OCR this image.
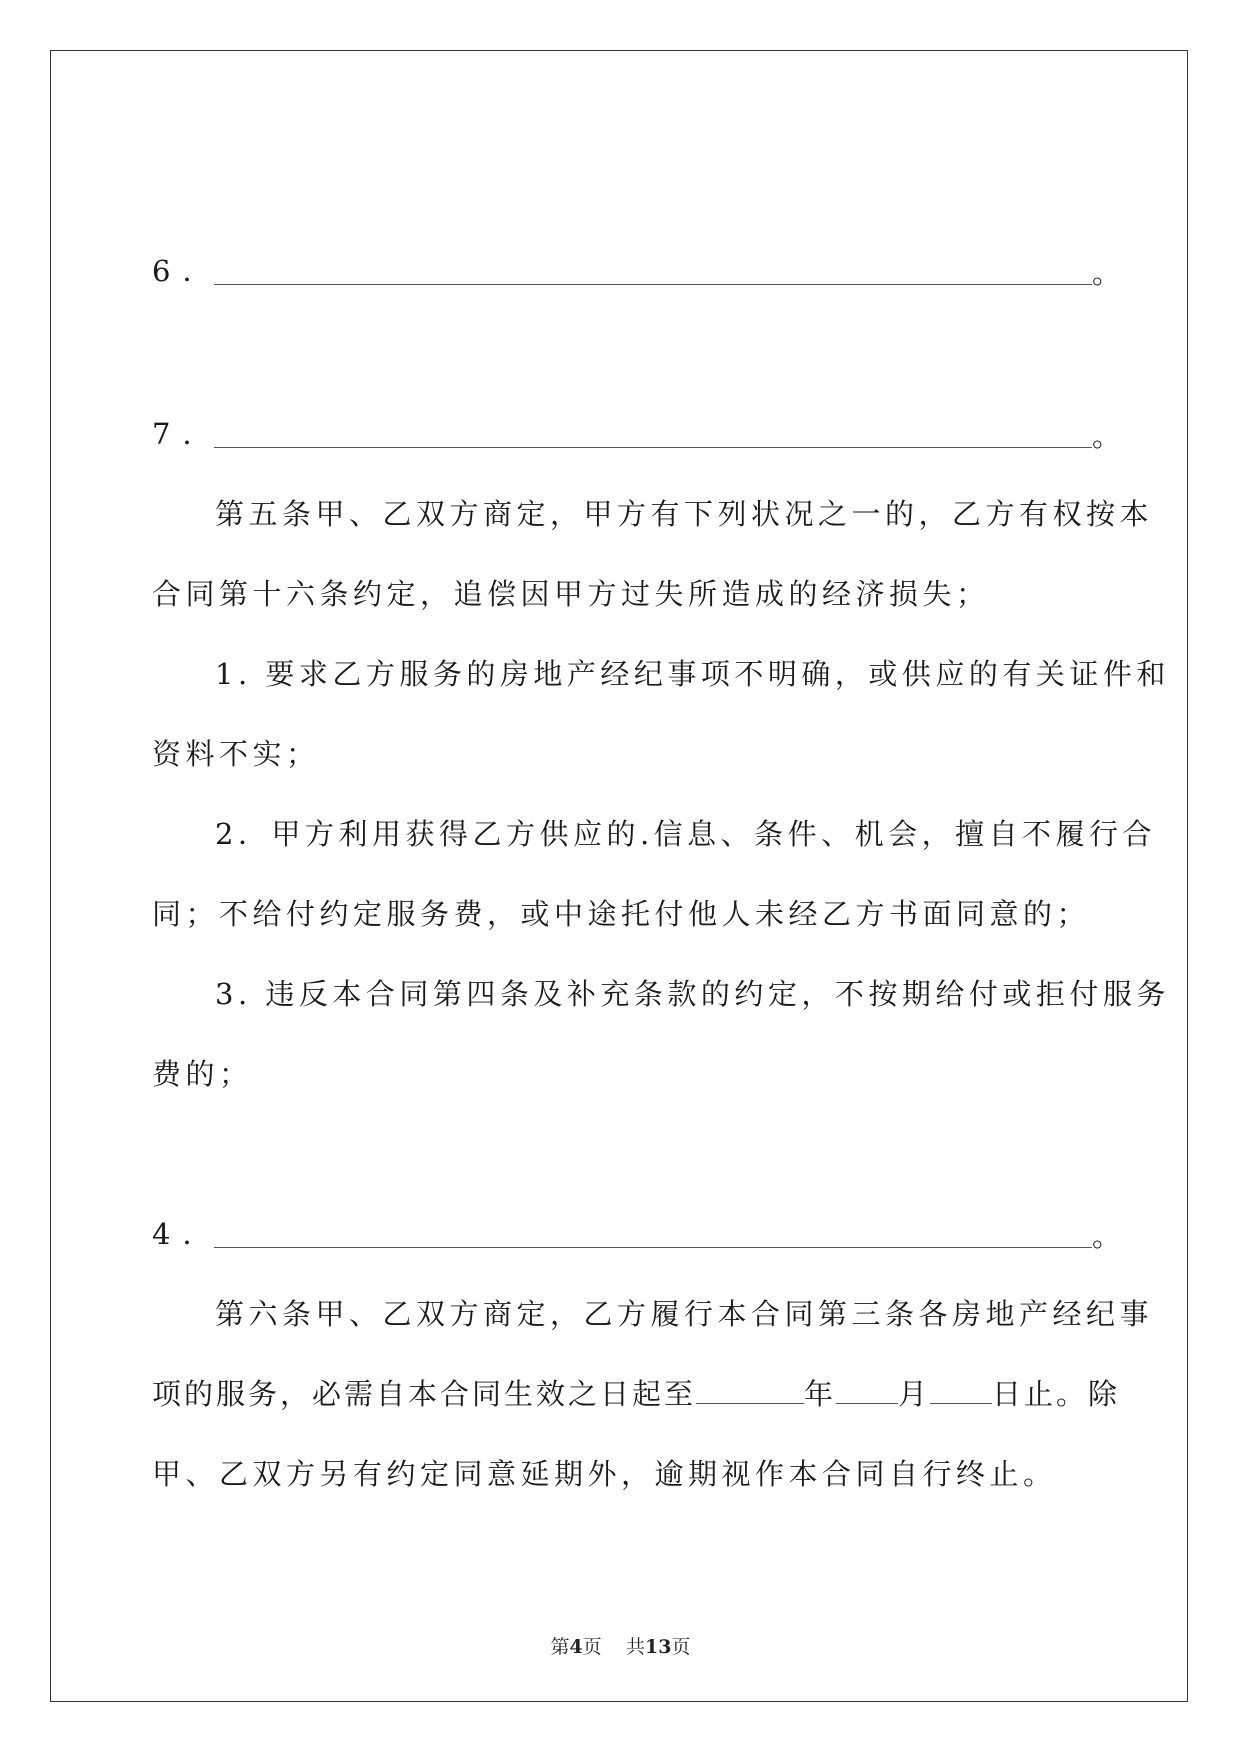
6．	。
7．	。
第五条甲、乙双方商定，甲方有下列状况之一的，乙方有权按本
合同第十六条约定，追偿因甲方过失所造成的经济损失；
1. 要求乙方服务的房地产经纪事项不明确，或供应的有关证件和
资料不实；
2．甲方利用获得乙方供应的.信息、条件、机会，擅自不履行合
同；不给付约定服务费，或中途托付他人未经乙方书面同意的；
3. 违反本合同第四条及补充条款的约定，不按期给付或拒付服务
费的；
4．	。
第六条甲、乙双方商定，乙方履行本合同第三条各房地产经纪事
项的服务，必需自本合同生效之日起至	年 月 日止。除
甲、乙双方另有约定同意延期外，逾期视作本合同自行终止。
第4页 共13页
